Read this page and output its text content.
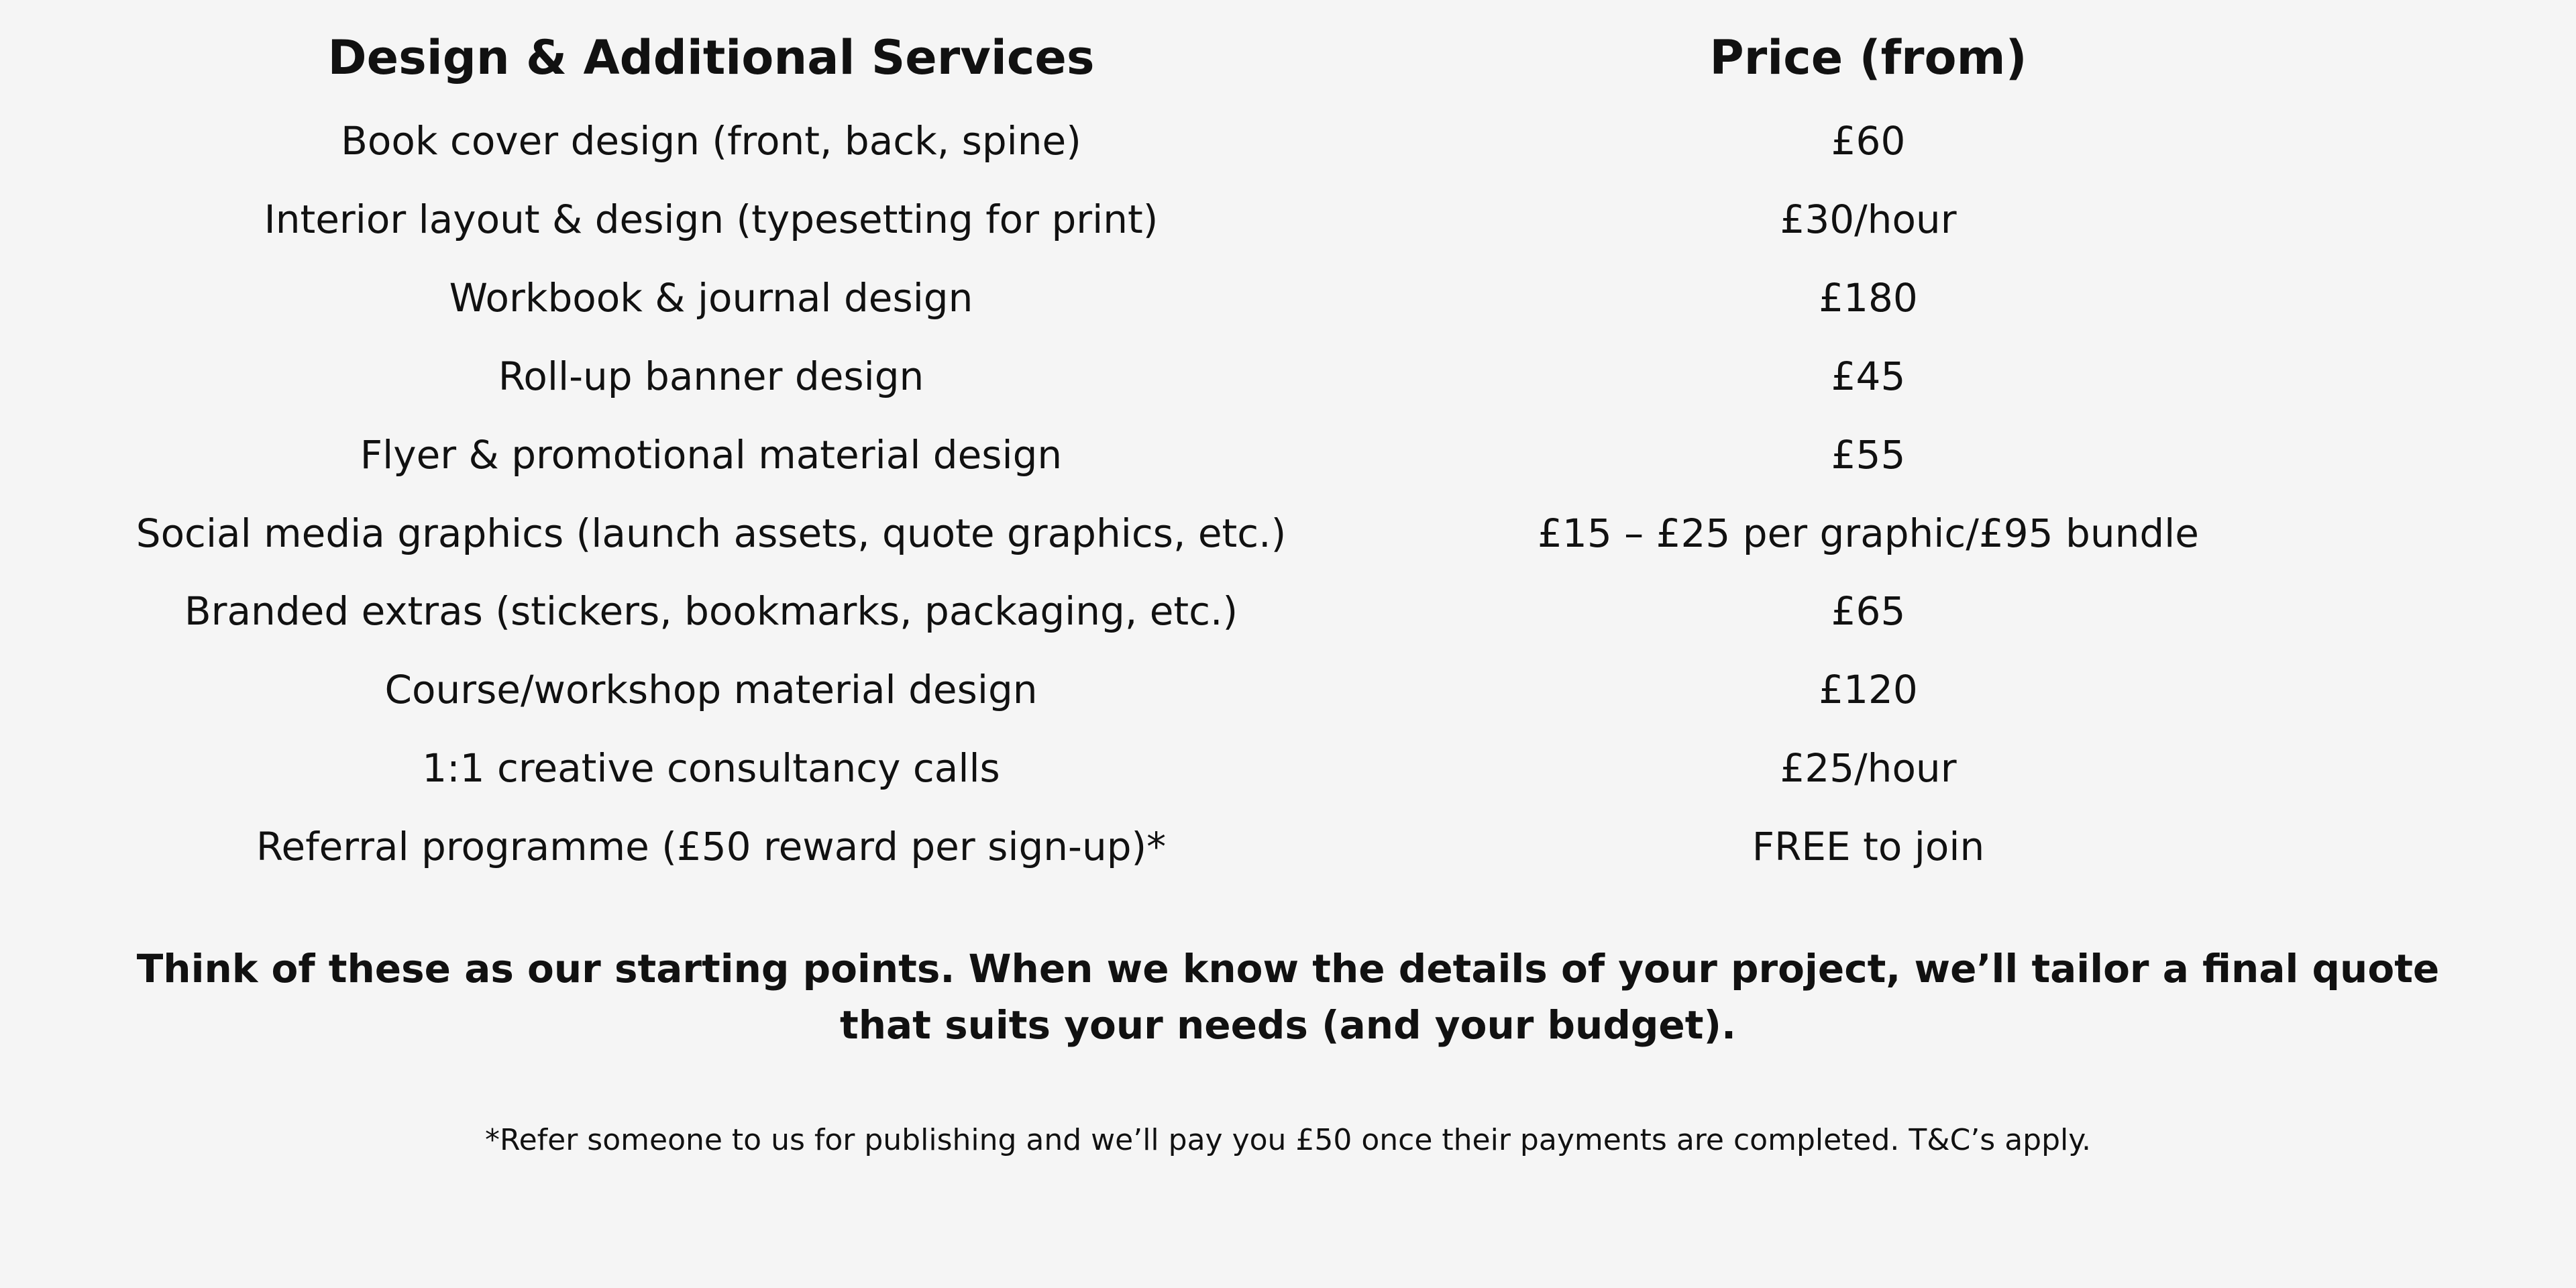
Design & Additional Services	Price (from)
Book cover design (front, back, spine)	£60
Interior layout & design (typesetting for print)	£30/hour
Workbook & journal design	£180
Roll-up banner design	£45
Flyer & promotional material design	£55
Social media graphics (launch assets, quote graphics, etc.)	£15 – £25 per graphic/£95 bundle
Branded extras (stickers, bookmarks, packaging, etc.)	£65
Course/workshop material design	£120
1:1 creative consultancy calls	£25/hour
Referral programme (£50 reward per sign-up)*	FREE to join
Think of these as our starting points. When we know the details of your project, we’ll tailor a final quote
that suits your needs (and your budget).
*Refer someone to us for publishing and we’ll pay you £50 once their payments are completed. T&C’s apply.
